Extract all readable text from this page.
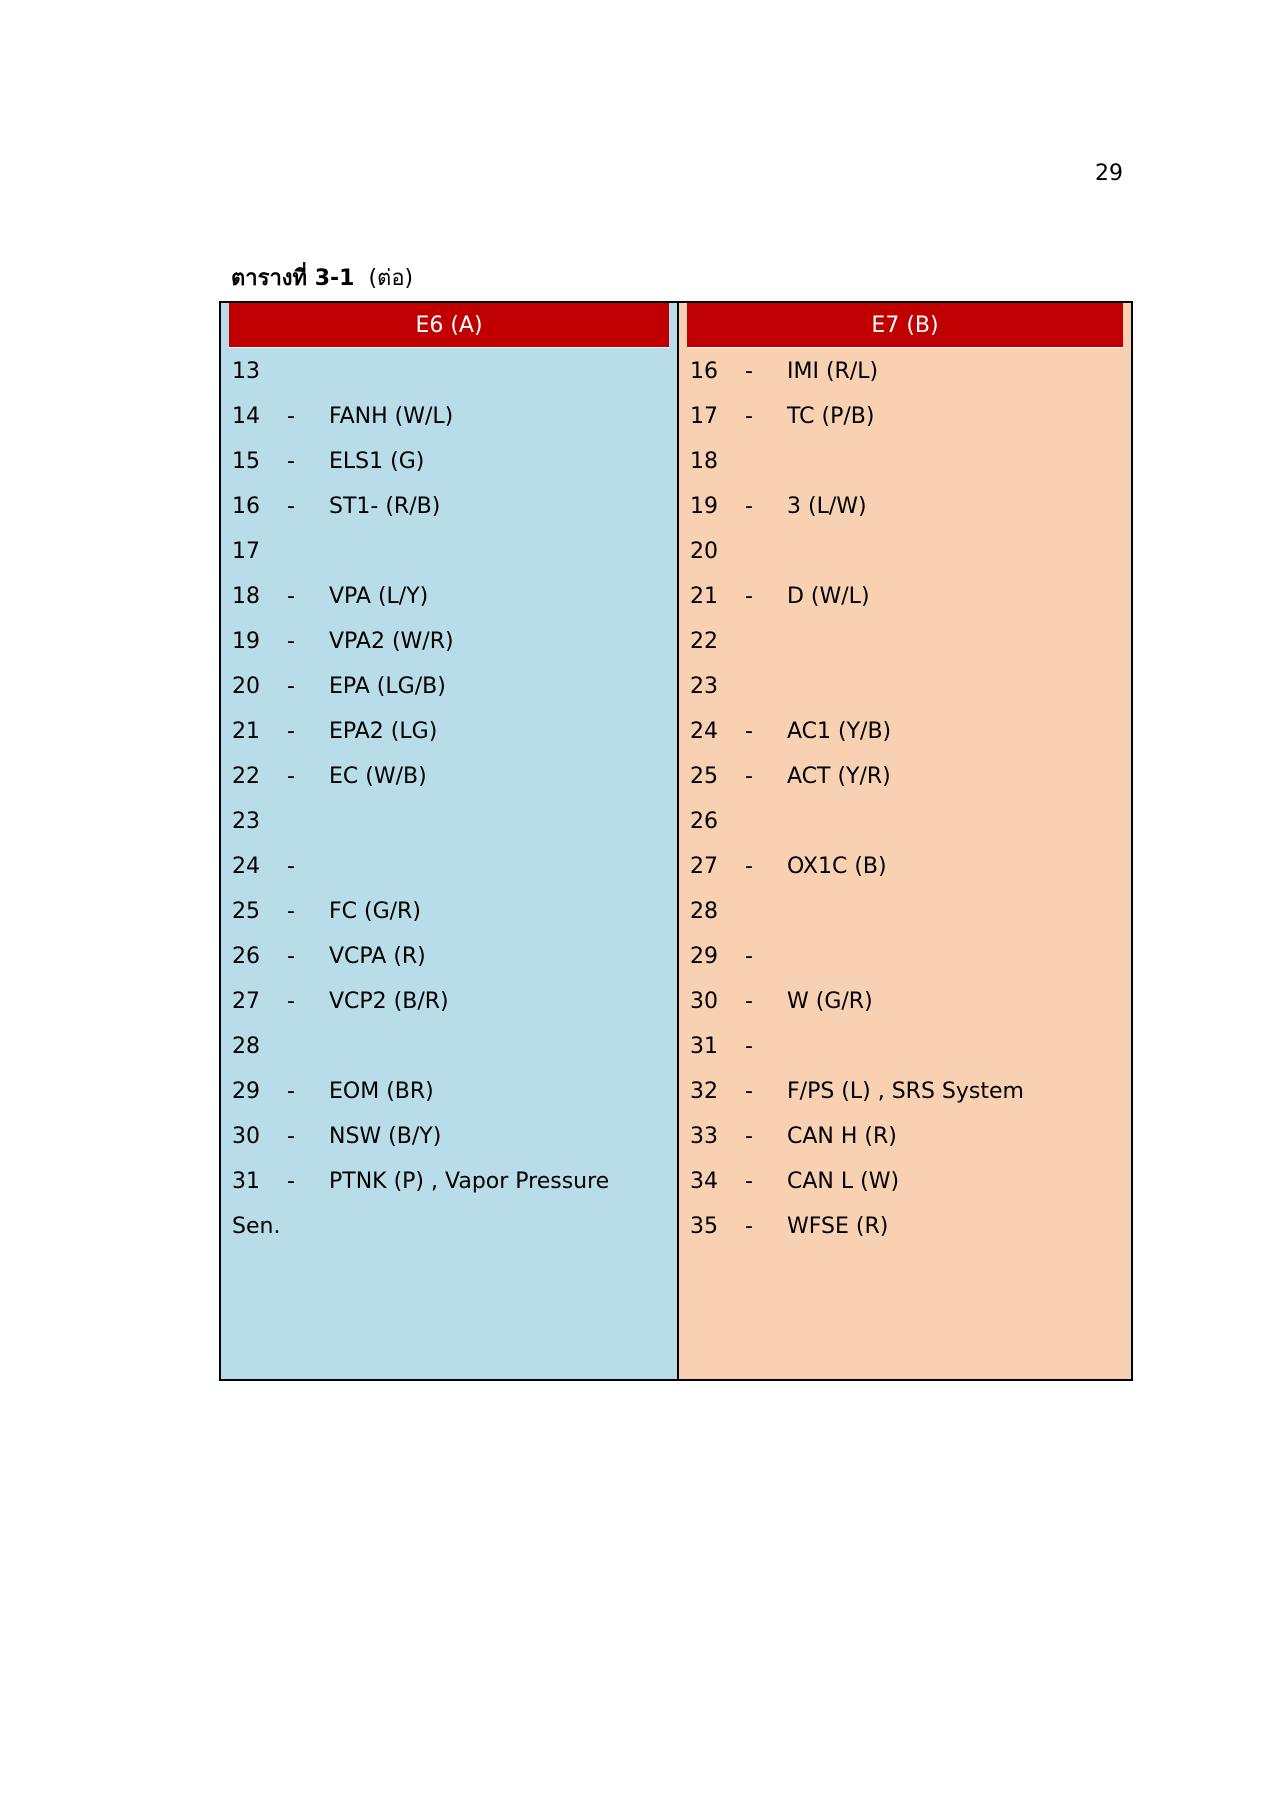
29
ตารางที่ 3-1 (ต่อ)
E6 (A)
13
14	-	FANH (W/L)
15	-	ELS1 (G)
16	-	ST1- (R/B)
17
18	-	VPA (L/Y)
19	-	VPA2 (W/R)
20	-	EPA (LG/B)
21	-	EPA2 (LG)
22	-	EC (W/B)
23
24	-
25	-	FC (G/R)
26	-	VCPA (R)
27	-	VCP2 (B/R)
28
29	-	EOM (BR)
30	-	NSW (B/Y)
31	-	PTNK (P) , Vapor Pressure
Sen.
E7 (B)
16	-	IMI (R/L)
17	-	TC (P/B)
18
19	-	3 (L/W)
20
21	-	D (W/L)
22
23
24	-	AC1 (Y/B)
25	-	ACT (Y/R)
26
27	-	OX1C (B)
28
29	-
30	-	W (G/R)
31	-
32	-	F/PS (L) , SRS System
33	-	CAN H (R)
34	-	CAN L (W)
35	-	WFSE (R)
